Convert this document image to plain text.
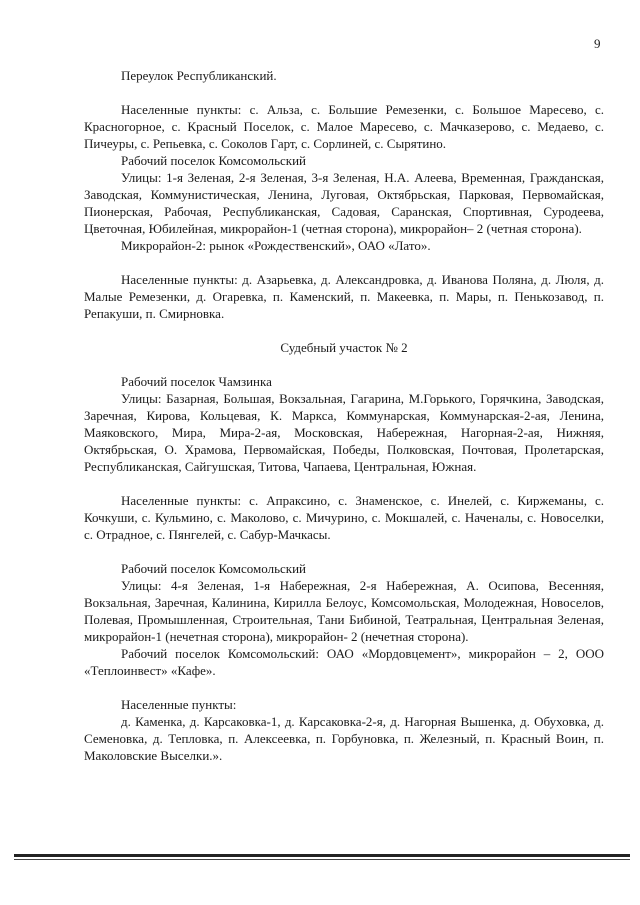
9

Переулок Республиканский.

Населенные пункты: с. Альза, с. Большие Ремезенки, с. Большое Маресево, с. Красногорное, с. Красный Поселок, с. Малое Маресево, с. Мачказерово, с. Медаево, с. Пичеуры, с. Репьевка, с. Соколов Гарт, с. Сорлиней, с. Сырятино.

Рабочий поселок Комсомольский

Улицы: 1-я Зеленая, 2-я Зеленая, 3-я Зеленая, Н.А. Алеева, Временная, Гражданская, Заводская, Коммунистическая, Ленина, Луговая, Октябрьская, Парковая, Первомайская, Пионерская, Рабочая, Республиканская, Садовая, Саранская, Спортивная, Суродеева, Цветочная, Юбилейная, микрорайон-1 (четная сторона), микрорайон– 2 (четная сторона).

Микрорайон-2: рынок «Рождественский», ОАО «Лато».

Населенные пункты: д. Азарьевка, д. Александровка, д. Иванова Поляна, д. Люля, д. Малые Ремезенки, д. Огаревка, п. Каменский, п. Макеевка, п. Мары, п. Пенькозавод, п. Репакуши, п. Смирновка.

Судебный участок № 2

Рабочий поселок Чамзинка

Улицы: Базарная, Большая, Вокзальная, Гагарина, М.Горького, Горячкина, Заводская, Заречная, Кирова, Кольцевая, К. Маркса, Коммунарская, Коммунарская-2-ая, Ленина, Маяковского, Мира, Мира-2-ая, Московская, Набережная, Нагорная-2-ая, Нижняя, Октябрьская, О. Храмова, Первомайская, Победы, Полковская, Почтовая, Пролетарская, Республиканская, Сайгушская, Титова, Чапаева, Центральная, Южная.

Населенные пункты: с. Апраксино, с. Знаменское, с. Инелей, с. Киржеманы, с. Кочкуши, с. Кульмино, с. Маколово, с. Мичурино, с. Мокшалей, с. Наченалы, с. Новоселки, с. Отрадное, с. Пянгелей, с. Сабур-Мачкасы.

Рабочий поселок Комсомольский

Улицы: 4-я Зеленая, 1-я Набережная, 2-я Набережная, А. Осипова, Весенняя, Вокзальная, Заречная, Калинина, Кирилла Белоус, Комсомольская, Молодежная, Новоселов, Полевая, Промышленная, Строительная, Тани Бибиной, Театральная, Центральная Зеленая, микрорайон-1 (нечетная сторона), микрорайон- 2 (нечетная сторона).

Рабочий поселок Комсомольский: ОАО «Мордовцемент», микрорайон – 2, ООО «Теплоинвест» «Кафе».

Населенные пункты:

д. Каменка, д. Карсаковка-1, д. Карсаковка-2-я, д. Нагорная Вышенка, д. Обуховка, д. Семеновка, д. Тепловка, п. Алексеевка, п. Горбуновка, п. Железный, п. Красный Воин, п. Маколовские Выселки.».
